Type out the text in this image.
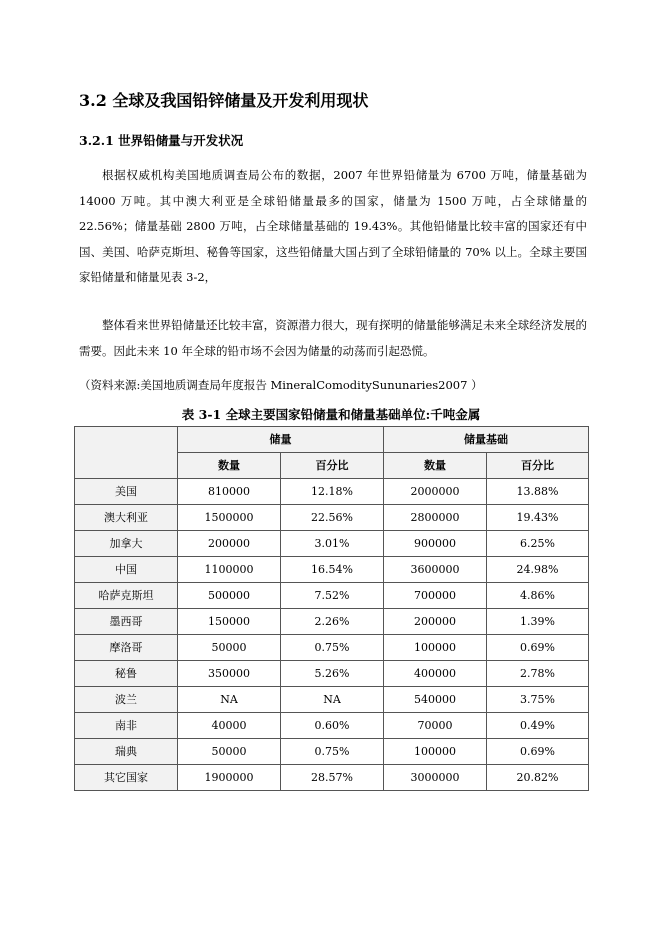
3.2 全球及我国铅锌储量及开发利用现状
3.2.1 世界铅储量与开发状况

根据权威机构美国地质调查局公布的数据，2007 年世界铅储量为 6700 万吨，储量基础为 14000 万吨。其中澳大利亚是全球铅储量最多的国家，储量为 1500 万吨，占全球储量的 22.56%；储量基础 2800 万吨，占全球储量基础的 19.43%。其他铅储量比较丰富的国家还有中国、美国、哈萨克斯坦、秘鲁等国家，这些铅储量大国占到了全球铅储量的 70% 以上。全球主要国家铅储量和储量见表 3-2，

整体看来世界铅储量还比较丰富，资源潜力很大，现有探明的储量能够满足未来全球经济发展的需要。因此未来 10 年全球的铅市场不会因为储量的动荡而引起恐慌。

（资料来源:美国地质调查局年度报告 MineralComoditySununaries2007 ）

表 3-1 全球主要国家铅储量和储量基础单位:千吨金属

	储量		储量基础	
	数量	百分比	数量	百分比
美国	810000	12.18%	2000000	13.88%
澳大利亚	1500000	22.56%	2800000	19.43%
加拿大	200000	3.01%	900000	6.25%
中国	1100000	16.54%	3600000	24.98%
哈萨克斯坦	500000	7.52%	700000	4.86%
墨西哥	150000	2.26%	200000	1.39%
摩洛哥	50000	0.75%	100000	0.69%
秘鲁	350000	5.26%	400000	2.78%
波兰	NA	NA	540000	3.75%
南非	40000	0.60%	70000	0.49%
瑞典	50000	0.75%	100000	0.69%
其它国家	1900000	28.57%	3000000	20.82%
